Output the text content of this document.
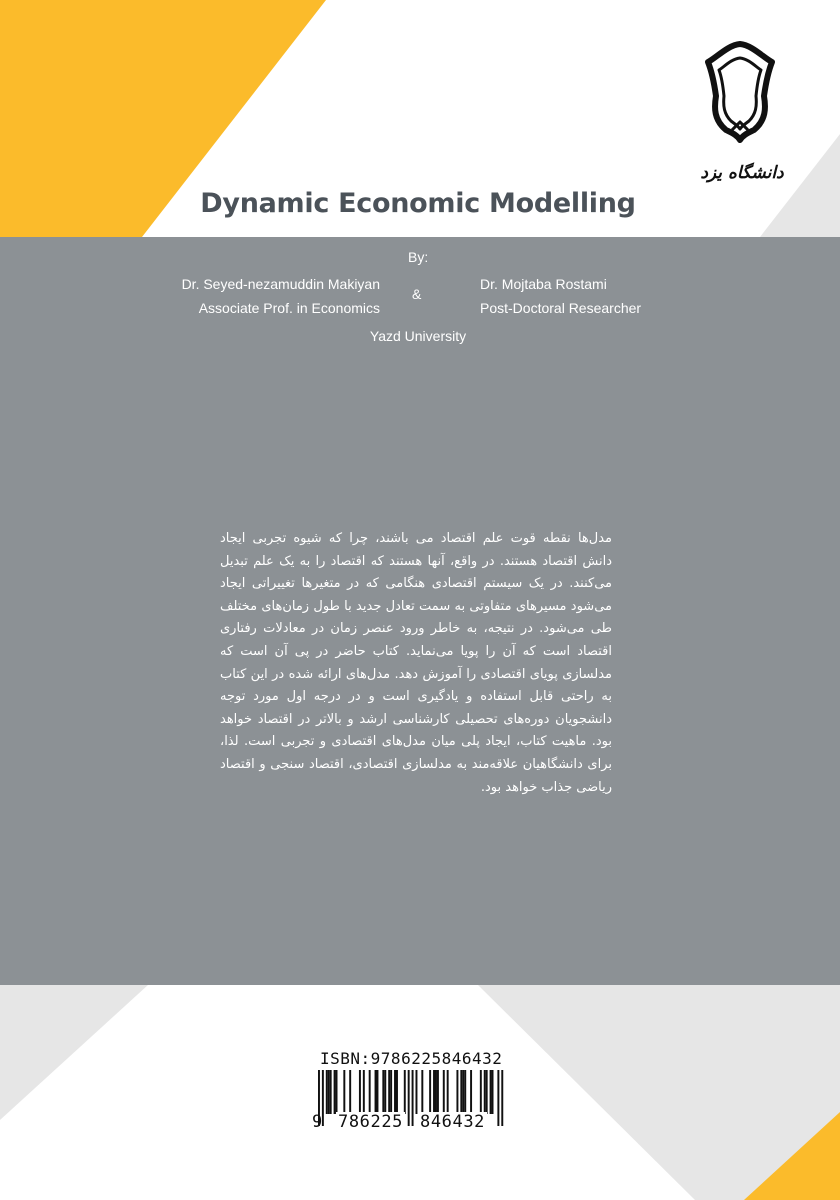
دانشگاه یزد
Dynamic Economic Modelling
By:
Dr. Seyed-nezamuddin Makiyan
Associate Prof. in Economics
&
Dr. Mojtaba Rostami
Post-Doctoral Researcher
Yazd University

مدل‌ها نقطه قوت علم اقتصاد می باشند، چرا که شیوه تجربی ایجاد دانش اقتصاد هستند. در واقع، آنها هستند که اقتصاد را به یک علم تبدیل می‌کنند. در یک سیستم اقتصادی هنگامی که در متغیرها تغییراتی ایجاد می‌شود مسیرهای متفاوتی به سمت تعادل جدید با طول زمان‌های مختلف طی می‌شود. در نتیجه، به خاطر ورود عنصر زمان در معادلات رفتاری اقتصاد است که آن را پویا می‌نماید. کتاب حاضر در پی آن است که مدلسازی پویای اقتصادی را آموزش دهد. مدل‌های ارائه شده در این کتاب به راحتی قابل استفاده و یادگیری است و در درجه اول مورد توجه دانشجویان دوره‌های تحصیلی کارشناسی ارشد و بالاتر در اقتصاد خواهد بود. ماهیت کتاب، ایجاد پلی میان مدل‌های اقتصادی و تجربی است. لذا، برای دانشگاهیان علاقه‌مند به مدلسازی اقتصادی، اقتصاد سنجی و اقتصاد ریاضی جذاب خواهد بود.

ISBN:9786225846432

9

786225

846432
